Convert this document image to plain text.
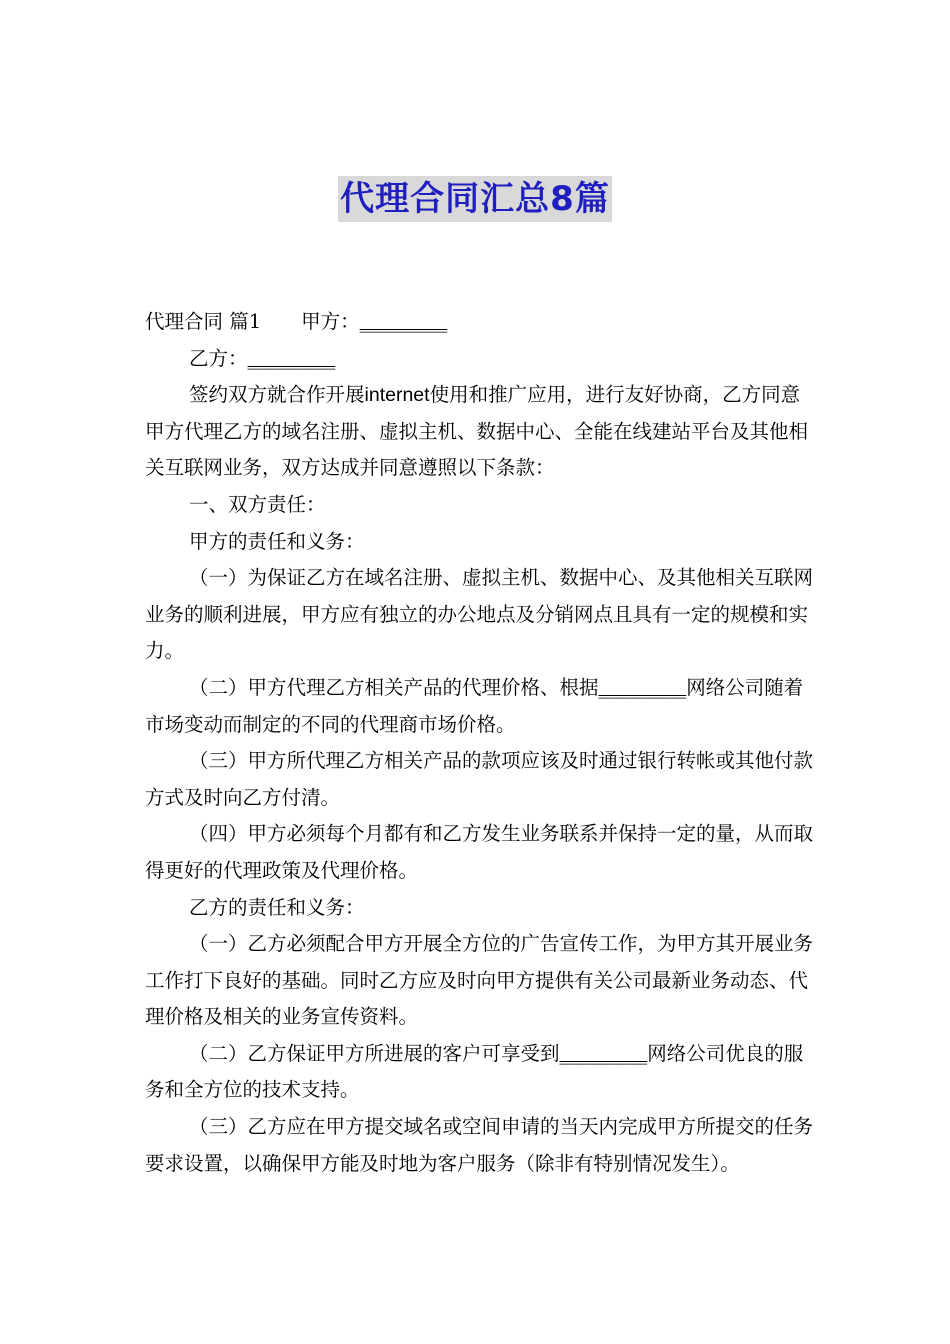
代理合同汇总8篇

代理合同 篇1 甲方：_________

乙方：_________

签约双方就合作开展internet使用和推广应用，进行友好协商，乙方同意甲方代理乙方的域名注册、虚拟主机、数据中心、全能在线建站平台及其他相关互联网业务，双方达成并同意遵照以下条款：

一、双方责任：

甲方的责任和义务：

（一）为保证乙方在域名注册、虚拟主机、数据中心、及其他相关互联网业务的顺利进展，甲方应有独立的办公地点及分销网点且具有一定的规模和实力。

（二）甲方代理乙方相关产品的代理价格、根据_________网络公司随着市场变动而制定的不同的代理商市场价格。

（三）甲方所代理乙方相关产品的款项应该及时通过银行转帐或其他付款方式及时向乙方付清。

（四）甲方必须每个月都有和乙方发生业务联系并保持一定的量，从而取得更好的代理政策及代理价格。

乙方的责任和义务：

（一）乙方必须配合甲方开展全方位的广告宣传工作，为甲方其开展业务工作打下良好的基础。同时乙方应及时向甲方提供有关公司最新业务动态、代理价格及相关的业务宣传资料。

（二）乙方保证甲方所进展的客户可享受到_________网络公司优良的服务和全方位的技术支持。

（三）乙方应在甲方提交域名或空间申请的当天内完成甲方所提交的任务要求设置，以确保甲方能及时地为客户服务（除非有特别情况发生）。
